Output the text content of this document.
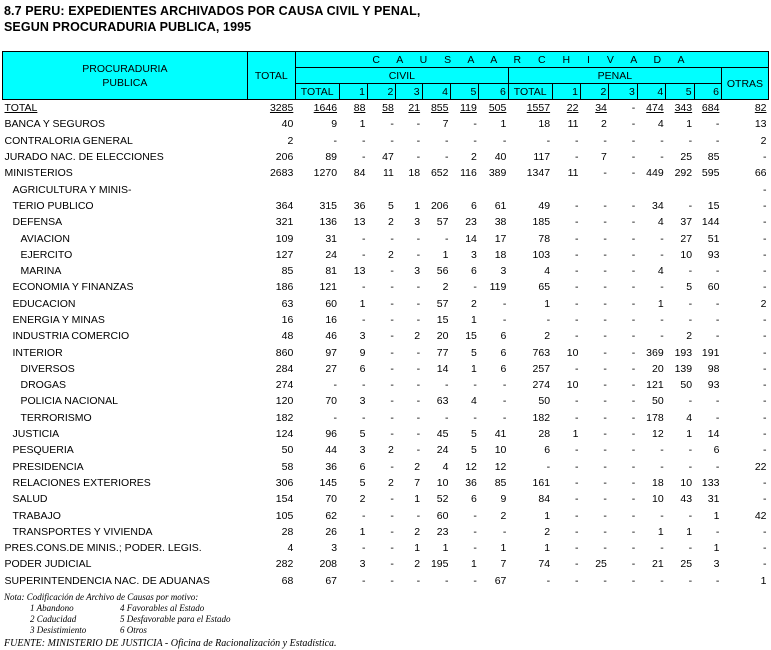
8.7 PERU: EXPEDIENTES ARCHIVADOS POR CAUSA CIVIL Y PENAL,
SEGUN PROCURADURIA PUBLICA, 1995
PROCURADURIA
PUBLICA	TOTAL	C A U S A A R C H I V A D A														
		CIVIL							PENAL							OTRAS
		TOTAL	1	2	3	4	5	6	TOTAL	1	2	3	4	5	6	
TOTAL	3285	1646	88	58	21	855	119	505	1557	22	34	-	474	343	684	82
BANCA Y SEGUROS	40	9	1	-	-	7	-	1	18	11	2	-	4	1	-	13
CONTRALORIA GENERAL	2	-	-	-	-	-	-	-	-	-	-	-	-	-	-	2
JURADO NAC. DE ELECCIONES	206	89	-	47	-	-	2	40	117	-	7	-	-	25	85	-
MINISTERIOS	2683	1270	84	11	18	652	116	389	1347	11	-	-	449	292	595	66
AGRICULTURA Y MINIS-																-
TERIO PUBLICO	364	315	36	5	1	206	6	61	49	-	-	-	34	-	15	-
DEFENSA	321	136	13	2	3	57	23	38	185	-	-	-	4	37	144	-
AVIACION	109	31	-	-	-	-	14	17	78	-	-	-	-	27	51	-
EJERCITO	127	24	-	2	-	1	3	18	103	-	-	-	-	10	93	-
MARINA	85	81	13	-	3	56	6	3	4	-	-	-	4	-	-	-
ECONOMIA Y FINANZAS	186	121	-	-	-	2	-	119	65	-	-	-	-	5	60	-
EDUCACION	63	60	1	-	-	57	2	-	1	-	-	-	1	-	-	2
ENERGIA Y MINAS	16	16	-	-	-	15	1	-	-	-	-	-	-	-	-	-
INDUSTRIA COMERCIO	48	46	3	-	2	20	15	6	2	-	-	-	-	2	-	-
INTERIOR	860	97	9	-	-	77	5	6	763	10	-	-	369	193	191	-
DIVERSOS	284	27	6	-	-	14	1	6	257	-	-	-	20	139	98	-
DROGAS	274	-	-	-	-	-	-	-	274	10	-	-	121	50	93	-
POLICIA NACIONAL	120	70	3	-	-	63	4	-	50	-	-	-	50	-	-	-
TERRORISMO	182	-	-	-	-	-	-	-	182	-	-	-	178	4	-	-
JUSTICIA	124	96	5	-	-	45	5	41	28	1	-	-	12	1	14	-
PESQUERIA	50	44	3	2	-	24	5	10	6	-	-	-	-	-	6	-
PRESIDENCIA	58	36	6	-	2	4	12	12	-	-	-	-	-	-	-	22
RELACIONES EXTERIORES	306	145	5	2	7	10	36	85	161	-	-	-	18	10	133	-
SALUD	154	70	2	-	1	52	6	9	84	-	-	-	10	43	31	-
TRABAJO	105	62	-	-	-	60	-	2	1	-	-	-	-	-	1	42
TRANSPORTES Y VIVIENDA	28	26	1	-	2	23	-	-	2	-	-	-	1	1	-	-
PRES.CONS.DE MINIS.; PODER. LEGIS.	4	3	-	-	1	1	-	1	1	-	-	-	-	-	1	-
PODER JUDICIAL	282	208	3	-	2	195	1	7	74	-	25	-	21	25	3	-
SUPERINTENDENCIA NAC. DE ADUANAS	68	67	-	-	-	-	-	67	-	-	-	-	-	-	-	1
Nota: Codificación de Archivo de Causas por motivo:
1 Abandono	4 Favorables al Estado
2 Caducidad	5 Desfavorable para el Estado
3 Desistimiento	6 Otros
FUENTE: MINISTERIO DE JUSTICIA - Oficina de Racionalización y Estadística.
